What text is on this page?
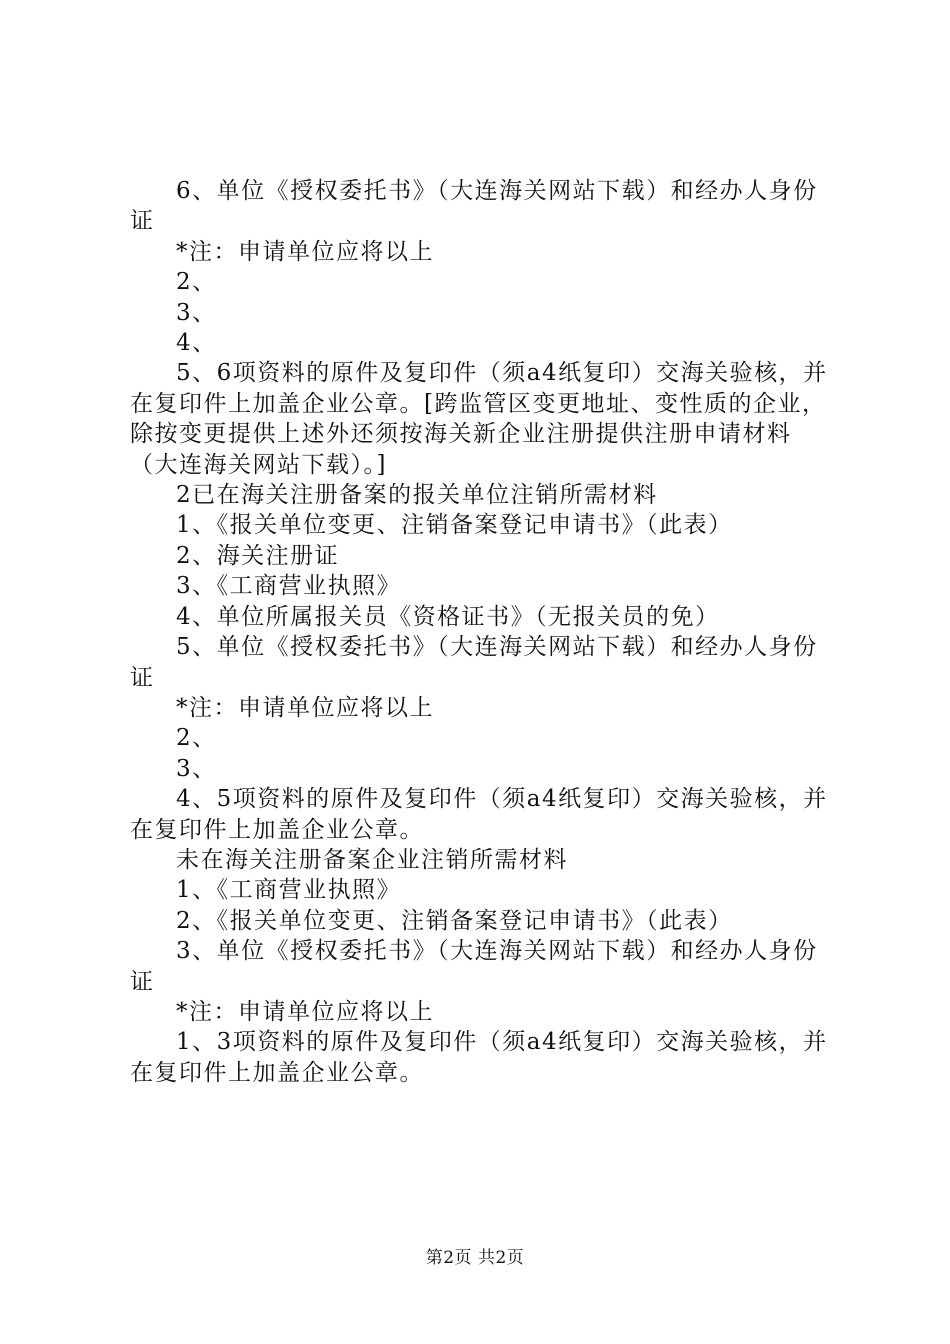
6、单位《授权委托书》（大连海关网站下载）和经办人身份证

*注：申请单位应将以上

2、

3、

4、

5、6项资料的原件及复印件（须a4纸复印）交海关验核，并在复印件上加盖企业公章。[跨监管区变更地址、变性质的企业，除按变更提供上述外还须按海关新企业注册提供注册申请材料（大连海关网站下载）。]

2已在海关注册备案的报关单位注销所需材料

1、《报关单位变更、注销备案登记申请书》（此表）

2、海关注册证

3、《工商营业执照》

4、单位所属报关员《资格证书》（无报关员的免）

5、单位《授权委托书》（大连海关网站下载）和经办人身份证

*注：申请单位应将以上

2、

3、

4、5项资料的原件及复印件（须a4纸复印）交海关验核，并在复印件上加盖企业公章。

未在海关注册备案企业注销所需材料

1、《工商营业执照》

2、《报关单位变更、注销备案登记申请书》（此表）

3、单位《授权委托书》（大连海关网站下载）和经办人身份证

*注：申请单位应将以上

1、3项资料的原件及复印件（须a4纸复印）交海关验核，并在复印件上加盖企业公章。

第2页 共2页
